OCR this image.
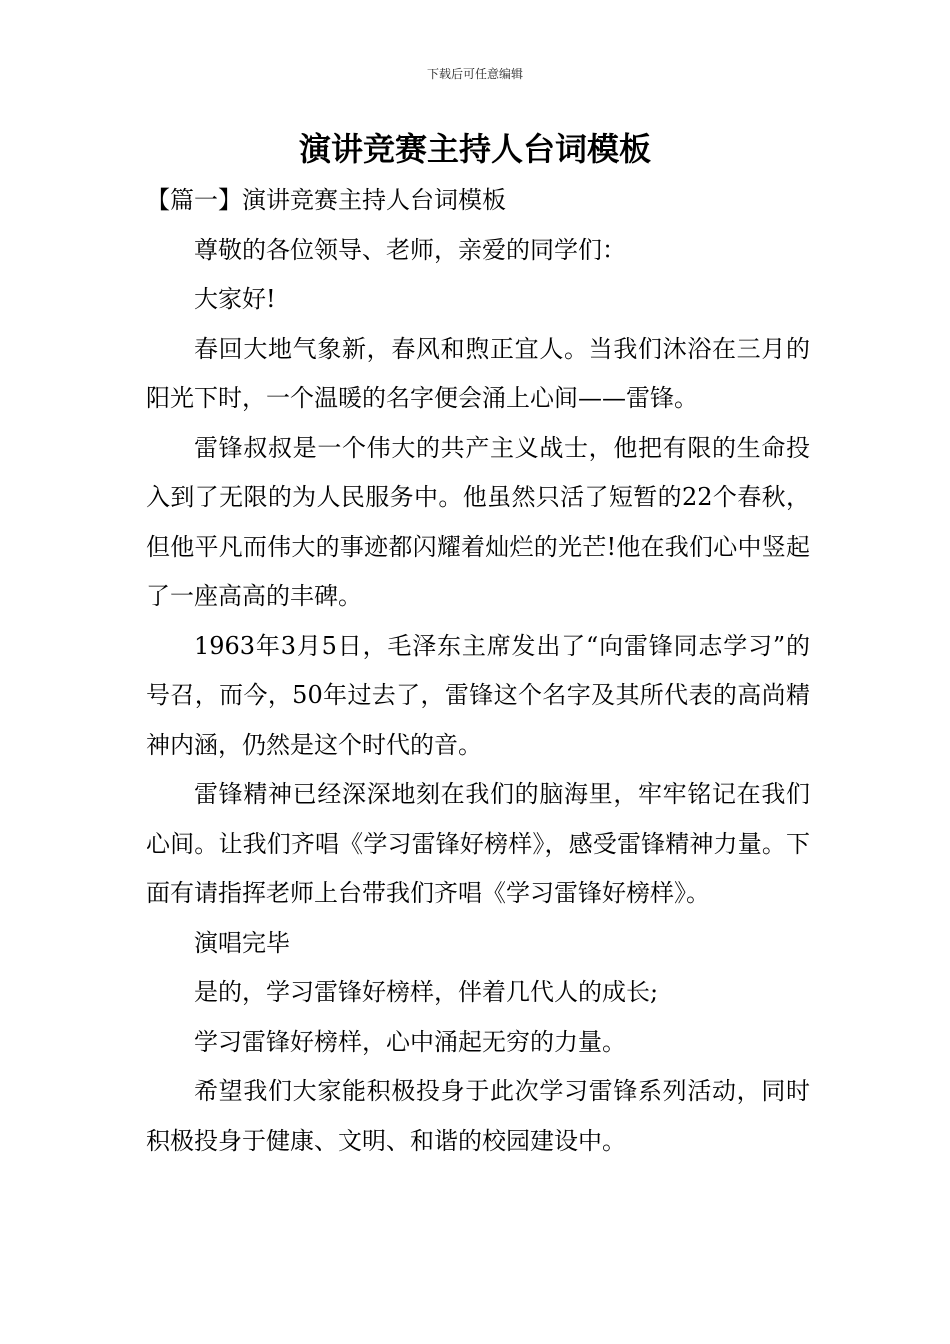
下载后可任意编辑
演讲竞赛主持人台词模板
【篇一】演讲竞赛主持人台词模板

尊敬的各位领导、老师，亲爱的同学们：

大家好!

春回大地气象新，春风和煦正宜人。当我们沐浴在三月的阳光下时，一个温暖的名字便会涌上心间——雷锋。

雷锋叔叔是一个伟大的共产主义战士，他把有限的生命投入到了无限的为人民服务中。他虽然只活了短暂的22个春秋，但他平凡而伟大的事迹都闪耀着灿烂的光芒!他在我们心中竖起了一座高高的丰碑。

1963年3月5日，毛泽东主席发出了“向雷锋同志学习”的号召，而今，50年过去了，雷锋这个名字及其所代表的高尚精神内涵，仍然是这个时代的音。

雷锋精神已经深深地刻在我们的脑海里，牢牢铭记在我们心间。让我们齐唱《学习雷锋好榜样》，感受雷锋精神力量。下面有请指挥老师上台带我们齐唱《学习雷锋好榜样》。

演唱完毕

是的，学习雷锋好榜样，伴着几代人的成长;

学习雷锋好榜样，心中涌起无穷的力量。

希望我们大家能积极投身于此次学习雷锋系列活动，同时积极投身于健康、文明、和谐的校园建设中。
